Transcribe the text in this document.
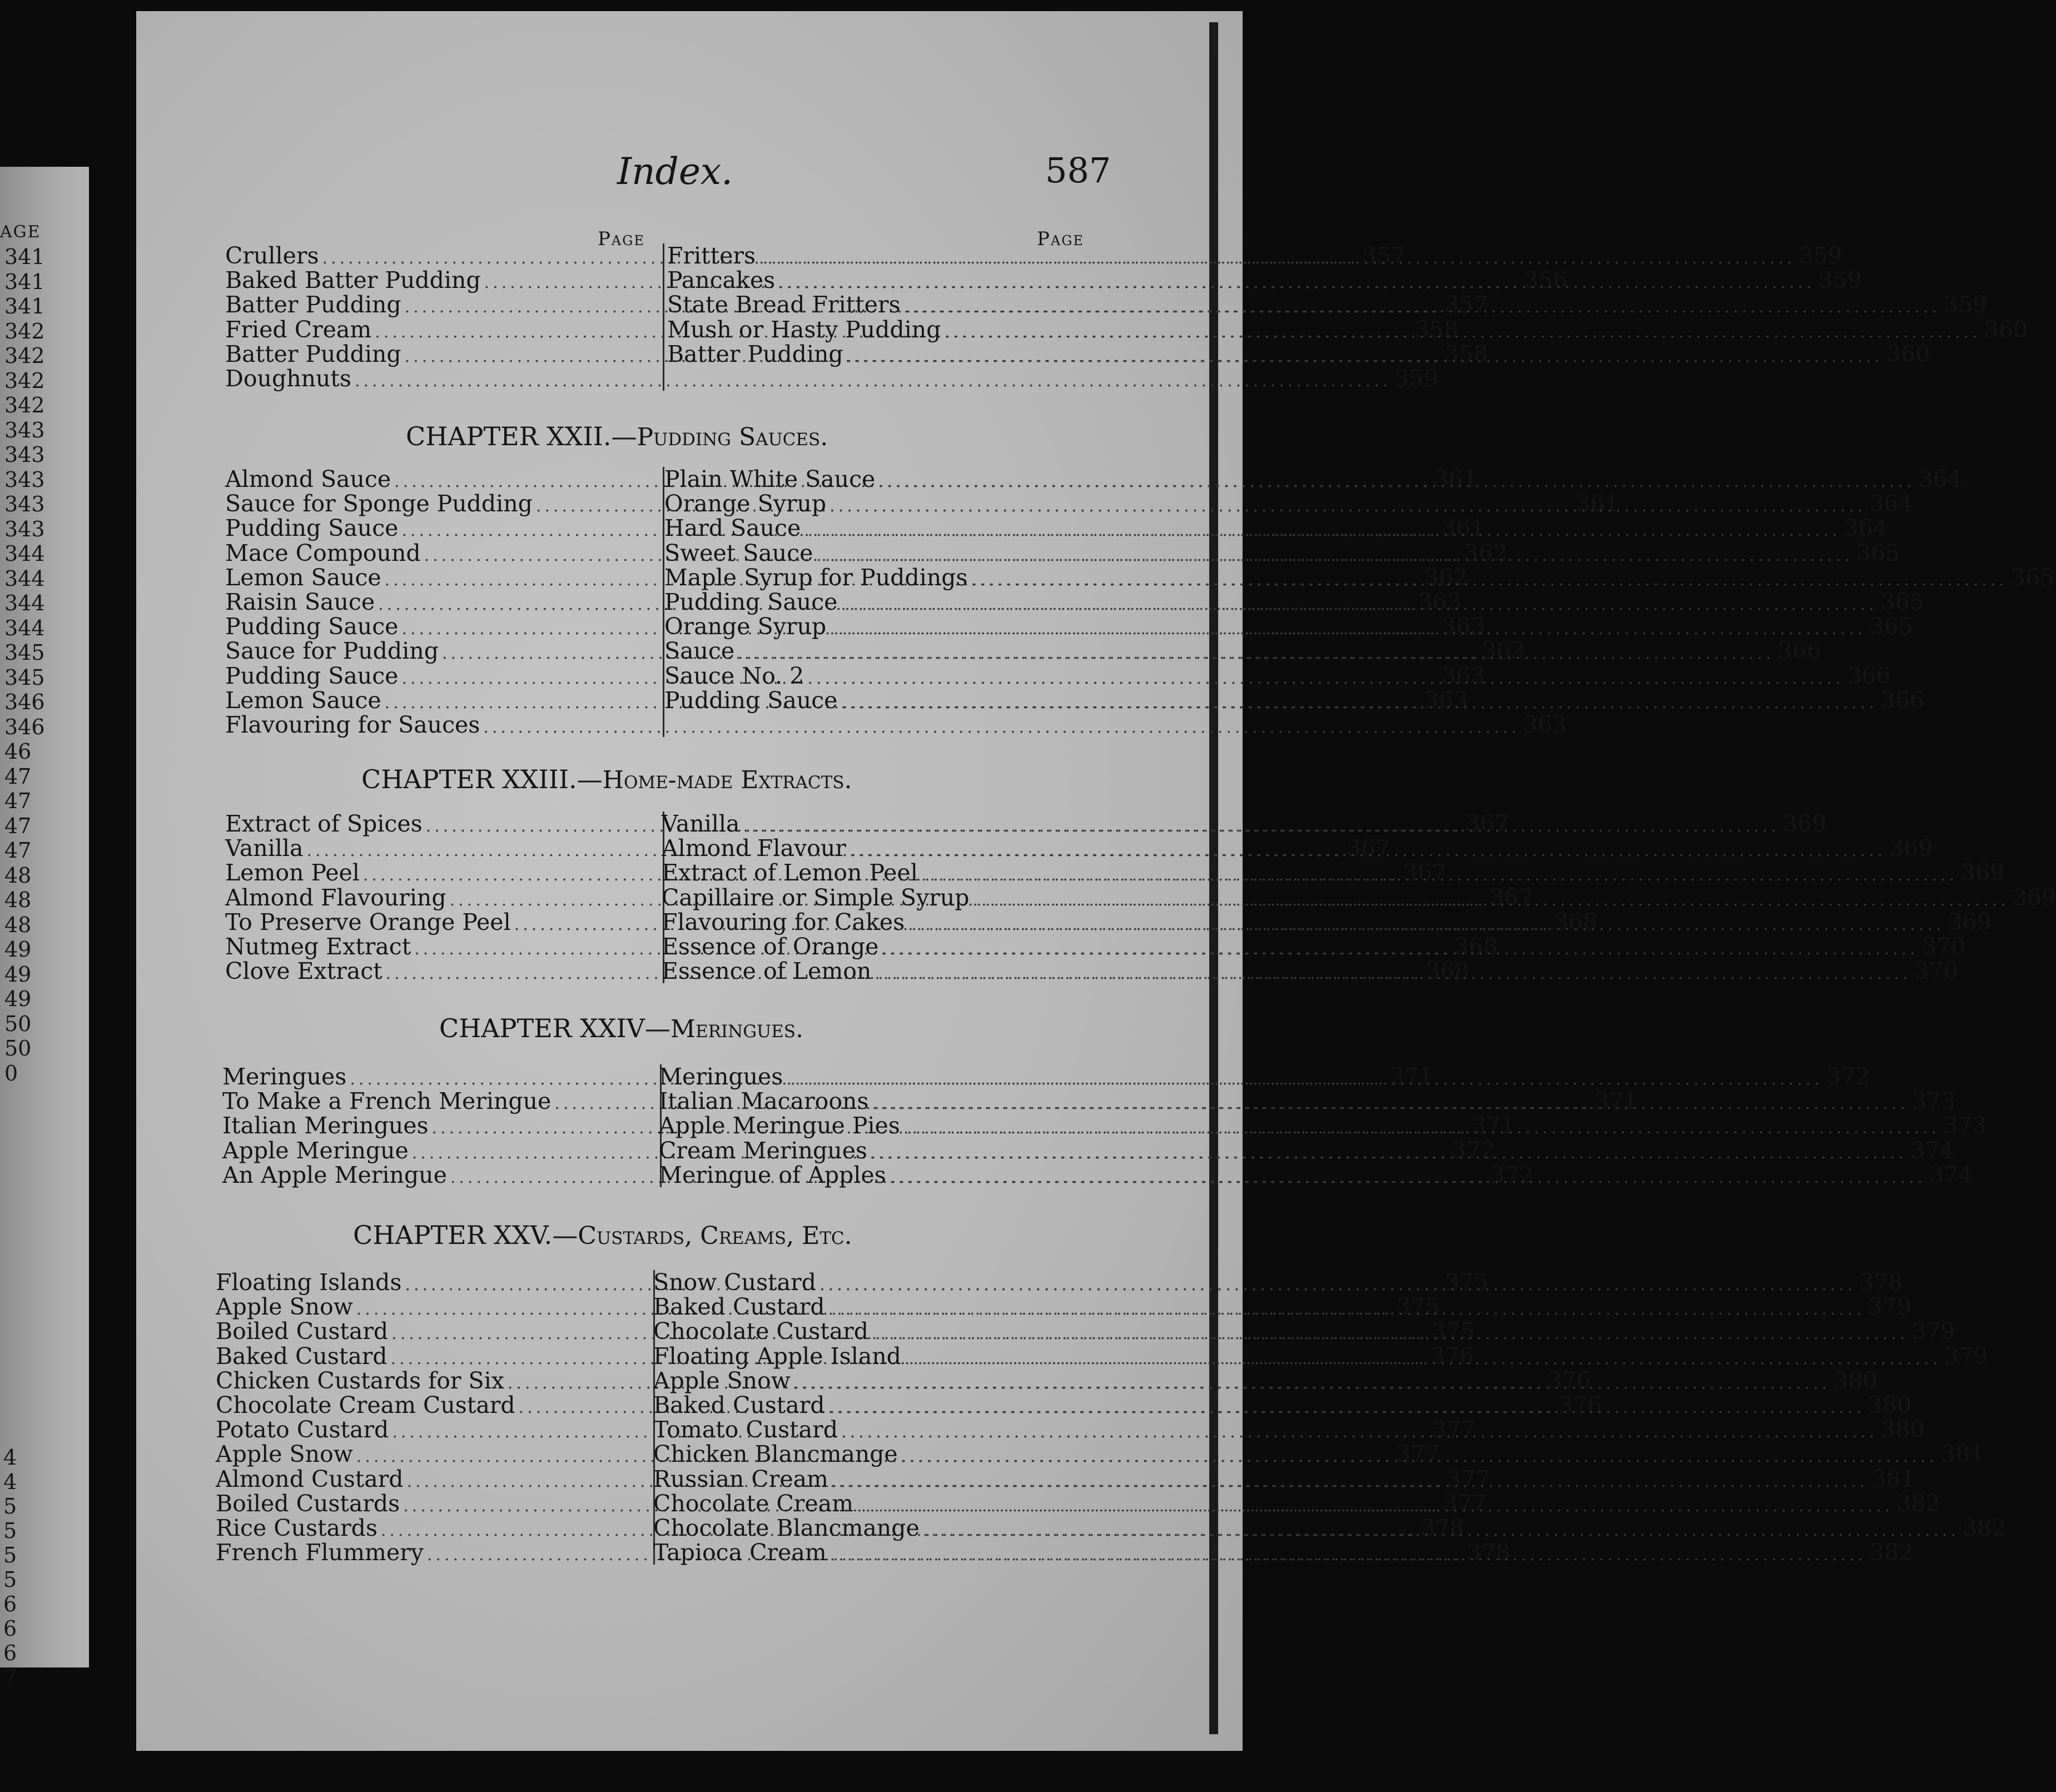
AGE
341
341
341
342
342
342
342
343
343
343
343
343
344
344
344
344
345
345
346
346
46
47
47
47
47
48
48
48
49
49
49
50
50
0
4
4
5
5
5
5
6
6
6
7
Index.	587
Page	Page
Crullers .....	357
Baked Batter Pudding .....	356
Batter Pudding .....	357
Fried Cream .....	358
Batter Pudding .....	358
Doughnuts .....	359
Fritters .....	359
Pancakes .....	359
State Bread Fritters .....	359
Mush or Hasty Pudding .....	360
Batter Pudding .....	360
CHAPTER XXII.—Pudding Sauces.
Almond Sauce .....	361
Sauce for Sponge Pudding .....	361
Pudding Sauce .....	361
Mace Compound .....	362
Lemon Sauce .....	362
Raisin Sauce .....	363
Pudding Sauce .....	363
Sauce for Pudding .....	363
Pudding Sauce .....	363
Lemon Sauce .....	363
Flavouring for Sauces .....	363
Plain White Sauce .....	364
Orange Syrup .....	364
Hard Sauce .....	364
Sweet Sauce .....	365
Maple Syrup for Puddings .....	365
Pudding Sauce .....	365
Orange Syrup .....	365
Sauce .....	366
Sauce No. 2 .....	366
Pudding Sauce .....	366
CHAPTER XXIII.—Home-made Extracts.
Extract of Spices .....	367
Vanilla .....	367
Lemon Peel .....	367
Almond Flavouring .....	367
To Preserve Orange Peel .....	368
Nutmeg Extract .....	368
Clove Extract .....	368
Vanilla .....	369
Almond Flavour .....	369
Extract of Lemon Peel .....	369
Capillaire or Simple Syrup .....	369
Flavouring for Cakes .....	369
Essence of Orange .....	370
Essence of Lemon .....	370
CHAPTER XXIV—Meringues.
Meringues .....	371
To Make a French Meringue .....	371
Italian Meringues .....	371
Apple Meringue .....	372
An Apple Meringue .....	372
Meringues .....	372
Italian Macaroons .....	373
Apple Meringue Pies .....	373
Cream Meringues .....	374
Meringue of Apples .....	374
CHAPTER XXV.—Custards, Creams, Etc.
Floating Islands .....	375
Apple Snow .....	375
Boiled Custard .....	375
Baked Custard .....	376
Chicken Custards for Six .....	376
Chocolate Cream Custard .....	376
Potato Custard .....	377
Apple Snow .....	377
Almond Custard .....	377
Boiled Custards .....	377
Rice Custards .....	378
French Flummery .....	378
Snow Custard .....	378
Baked Custard .....	379
Chocolate Custard .....	379
Floating Apple Island .....	379
Apple Snow .....	380
Baked Custard .....	380
Tomato Custard .....	380
Chicken Blancmange .....	381
Russian Cream .....	381
Chocolate Cream .....	382
Chocolate Blancmange .....	382
Tapioca Cream .....	382
